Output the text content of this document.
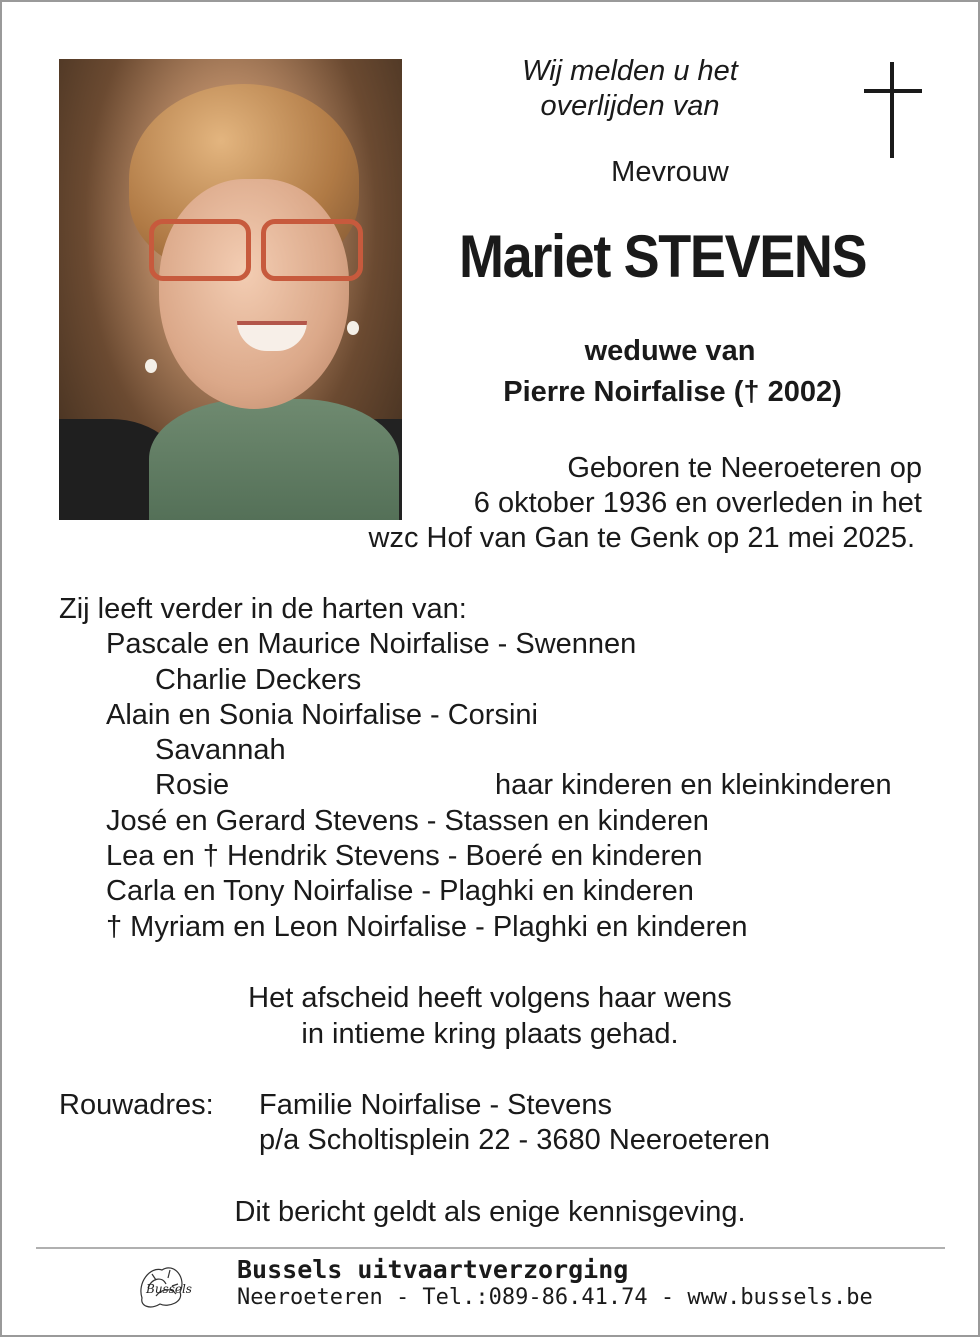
Wij melden u het
overlijden van
Mevrouw
Mariet STEVENS
weduwe van
Pierre Noirfalise († 2002)
Geboren te Neeroeteren op
6 oktober 1936 en overleden in het
wzc Hof van Gan te Genk op 21 mei 2025.
Zij leeft verder in de harten van:
Pascale en Maurice Noirfalise - Swennen
Charlie Deckers
Alain en Sonia Noirfalise - Corsini
Savannah
Rosie	haar kinderen en kleinkinderen
José en Gerard Stevens - Stassen en kinderen
Lea en † Hendrik Stevens - Boeré en kinderen
Carla en Tony Noirfalise - Plaghki en kinderen
† Myriam en Leon Noirfalise - Plaghki en kinderen
Het afscheid heeft volgens haar wens
in intieme kring plaats gehad.
Rouwadres: Familie Noirfalise - Stevens
p/a Scholtisplein 22 - 3680 Neeroeteren
Dit bericht geldt als enige kennisgeving.
Bussels
Bussels uitvaartverzorging
Neeroeteren - Tel.:089-86.41.74 - www.bussels.be
